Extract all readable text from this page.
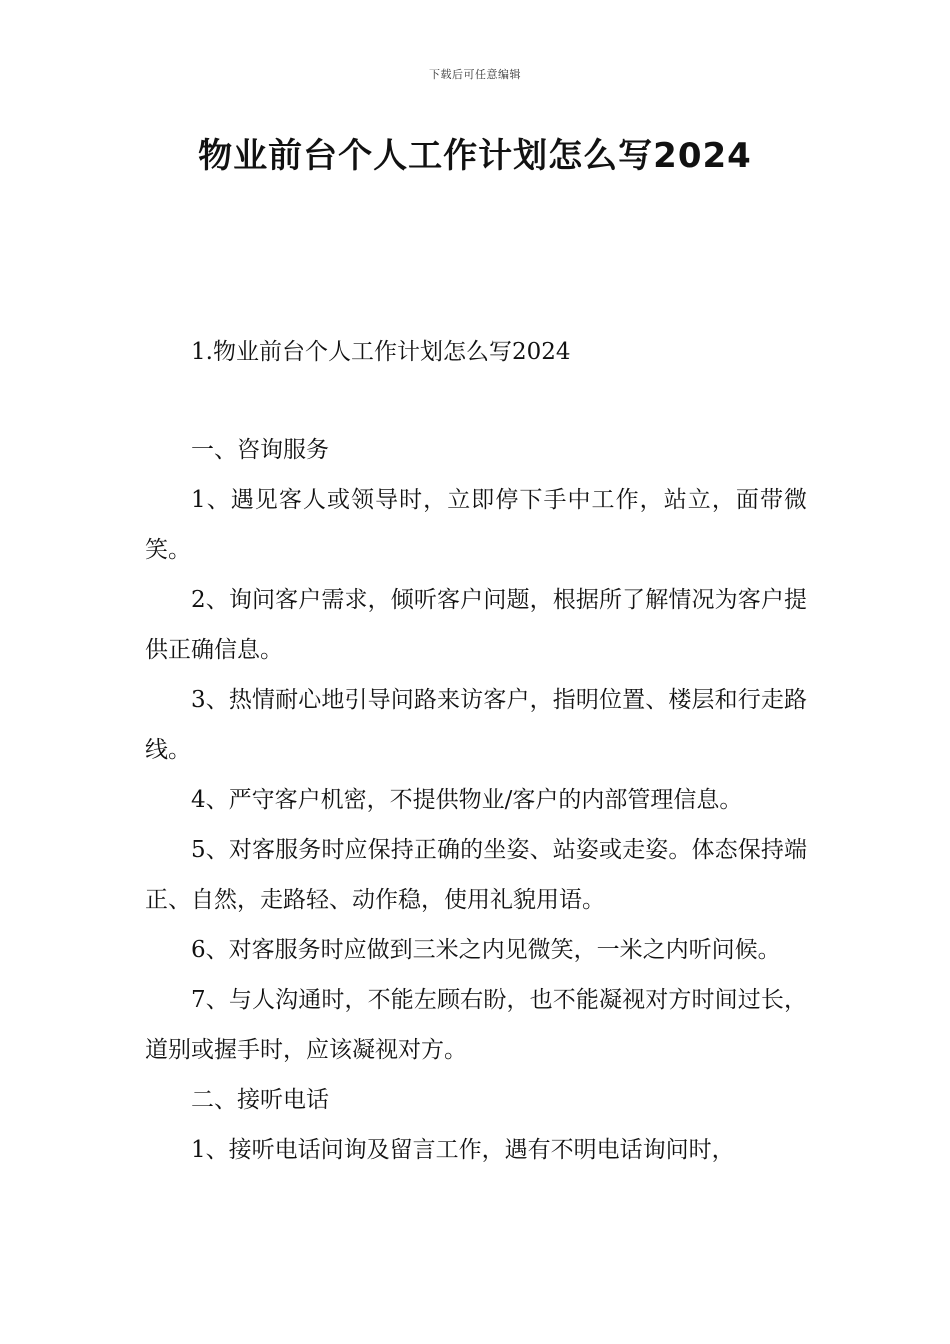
下载后可任意编辑
物业前台个人工作计划怎么写2024

1.物业前台个人工作计划怎么写2024

一、咨询服务

1、遇见客人或领导时，立即停下手中工作，站立，面带微笑。

2、询问客户需求，倾听客户问题，根据所了解情况为客户提供正确信息。

3、热情耐心地引导问路来访客户，指明位置、楼层和行走路线。

4、严守客户机密，不提供物业/客户的内部管理信息。

5、对客服务时应保持正确的坐姿、站姿或走姿。体态保持端正、自然，走路轻、动作稳，使用礼貌用语。

6、对客服务时应做到三米之内见微笑，一米之内听问候。

7、与人沟通时，不能左顾右盼，也不能凝视对方时间过长，道别或握手时，应该凝视对方。

二、接听电话

1、接听电话问询及留言工作，遇有不明电话询问时，
